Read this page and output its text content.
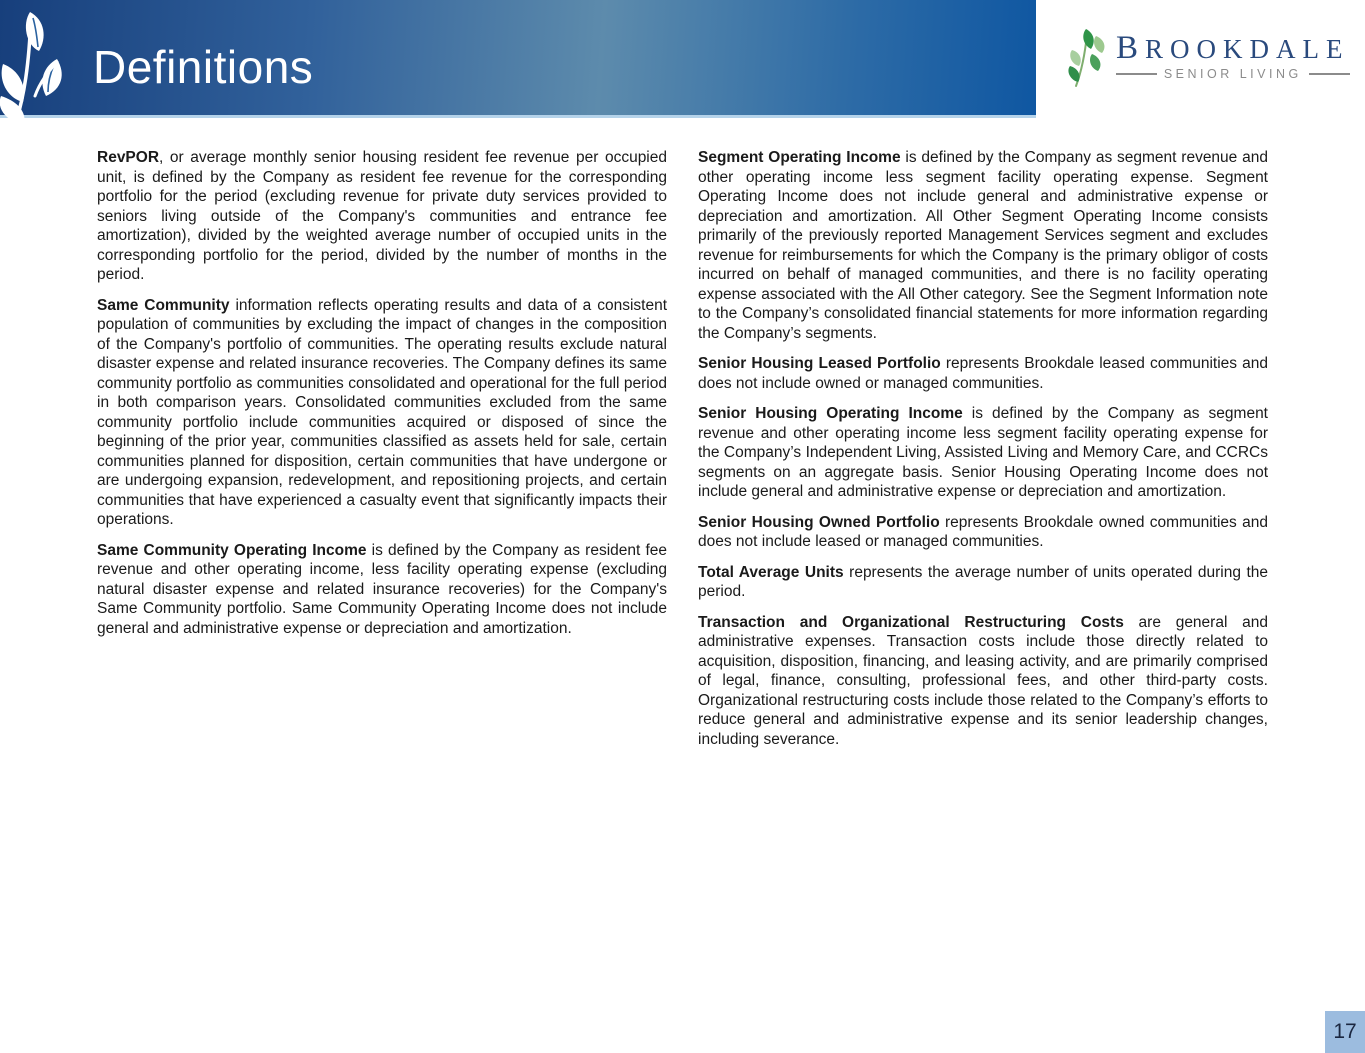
Definitions	BROOKDALE
SENIOR LIVING

RevPOR, or average monthly senior housing resident fee revenue per occupied unit, is defined by the Company as resident fee revenue for the corresponding portfolio for the period (excluding revenue for private duty services provided to seniors living outside of the Company's communities and entrance fee amortization), divided by the weighted average number of occupied units in the corresponding portfolio for the period, divided by the number of months in the period.

Same Community information reflects operating results and data of a consistent population of communities by excluding the impact of changes in the composition of the Company's portfolio of communities. The operating results exclude natural disaster expense and related insurance recoveries. The Company defines its same community portfolio as communities consolidated and operational for the full period in both comparison years. Consolidated communities excluded from the same community portfolio include communities acquired or disposed of since the beginning of the prior year, communities classified as assets held for sale, certain communities planned for disposition, certain communities that have undergone or are undergoing expansion, redevelopment, and repositioning projects, and certain communities that have experienced a casualty event that significantly impacts their operations.

Same Community Operating Income is defined by the Company as resident fee revenue and other operating income, less facility operating expense (excluding natural disaster expense and related insurance recoveries) for the Company's Same Community portfolio. Same Community Operating Income does not include general and administrative expense or depreciation and amortization.

Segment Operating Income is defined by the Company as segment revenue and other operating income less segment facility operating expense. Segment Operating Income does not include general and administrative expense or depreciation and amortization. All Other Segment Operating Income consists primarily of the previously reported Management Services segment and excludes revenue for reimbursements for which the Company is the primary obligor of costs incurred on behalf of managed communities, and there is no facility operating expense associated with the All Other category. See the Segment Information note to the Company’s consolidated financial statements for more information regarding the Company’s segments.

Senior Housing Leased Portfolio represents Brookdale leased communities and does not include owned or managed communities.

Senior Housing Operating Income is defined by the Company as segment revenue and other operating income less segment facility operating expense for the Company’s Independent Living, Assisted Living and Memory Care, and CCRCs segments on an aggregate basis. Senior Housing Operating Income does not include general and administrative expense or depreciation and amortization.

Senior Housing Owned Portfolio represents Brookdale owned communities and does not include leased or managed communities.

Total Average Units represents the average number of units operated during the period.

Transaction and Organizational Restructuring Costs are general and administrative expenses. Transaction costs include those directly related to acquisition, disposition, financing, and leasing activity, and are primarily comprised of legal, finance, consulting, professional fees, and other third-party costs. Organizational restructuring costs include those related to the Company’s efforts to reduce general and administrative expense and its senior leadership changes, including severance.

17
